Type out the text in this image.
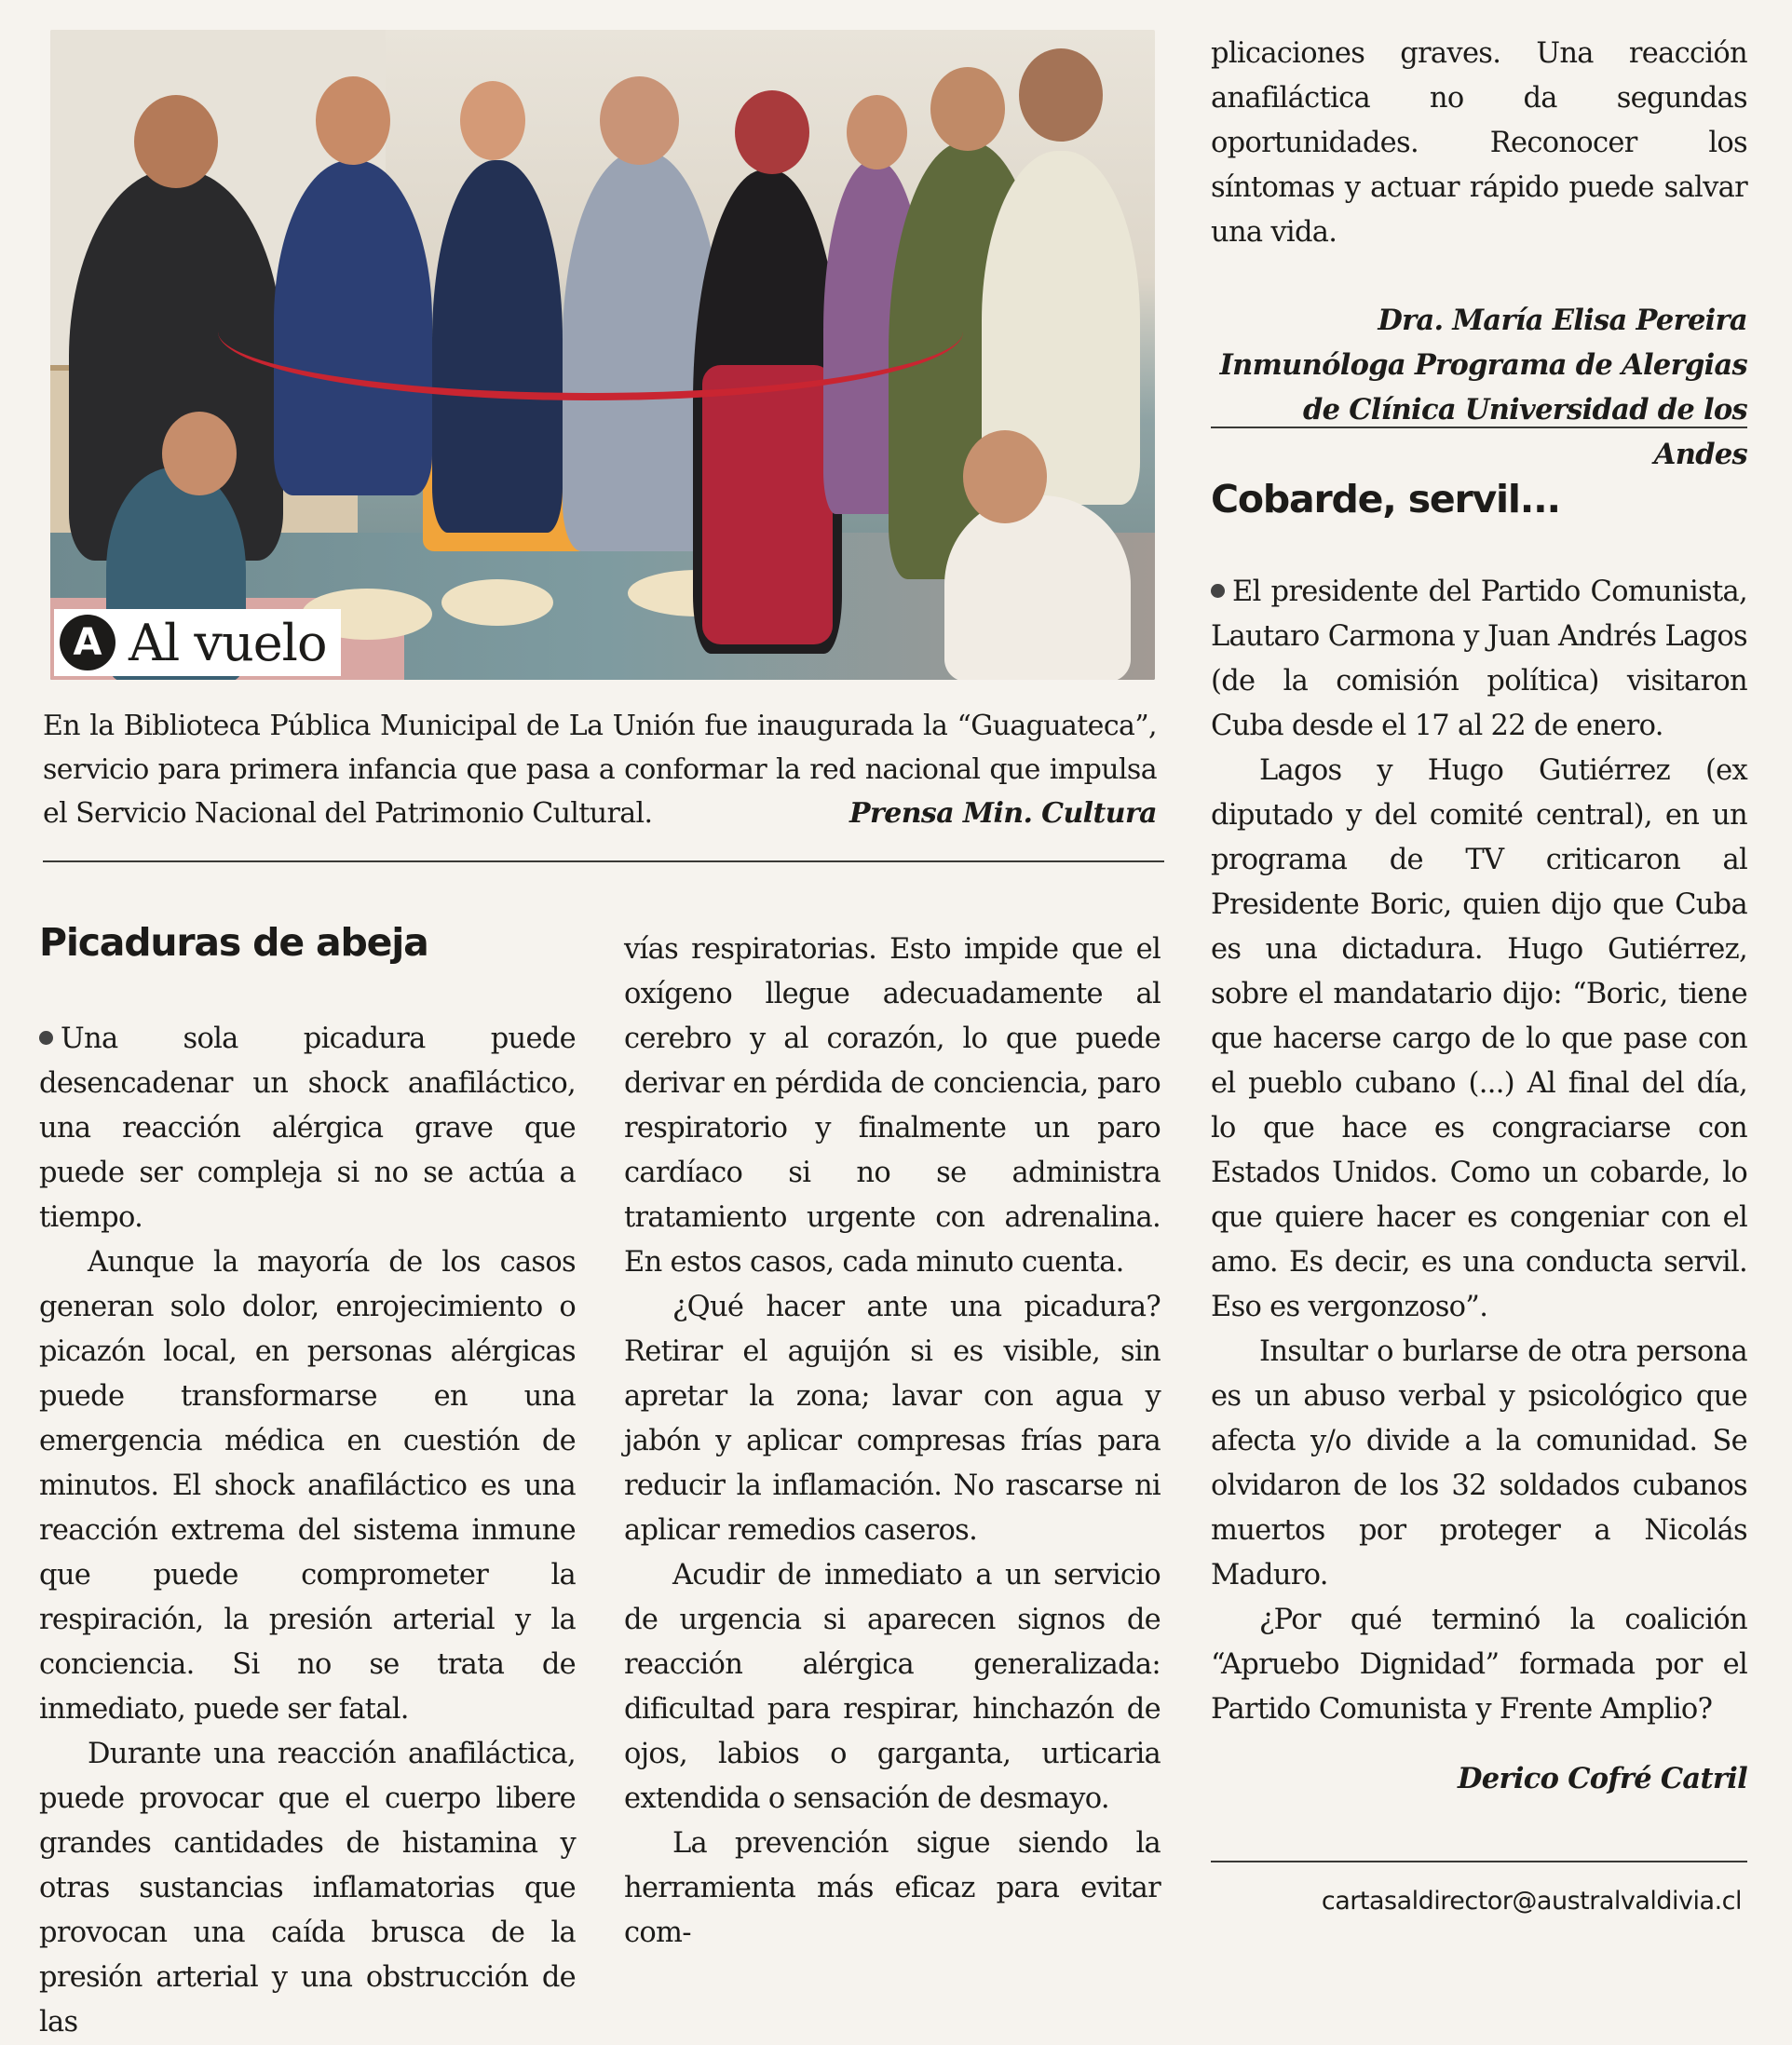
A Al vuelo
En la Biblioteca Pública Municipal de La Unión fue inaugurada la “Guaguateca”, servicio para primera infancia que pasa a conformar la red nacional que impulsa el Servicio Nacional del Patrimonio Cultural.	Prensa Min. Cultura
Picaduras de abeja

Una sola picadura puede desencadenar un shock anafiláctico, una reacción alérgica grave que puede ser compleja si no se actúa a tiempo.

Aunque la mayoría de los casos generan solo dolor, enrojecimiento o picazón local, en personas alérgicas puede transformarse en una emergencia médica en cuestión de minutos. El shock anafiláctico es una reacción extrema del sistema inmune que puede comprometer la respiración, la presión arterial y la conciencia. Si no se trata de inmediato, puede ser fatal.

Durante una reacción anafiláctica, puede provocar que el cuerpo libere grandes cantidades de histamina y otras sustancias inflamatorias que provocan una caída brusca de la presión arterial y una obstrucción de las

vías respiratorias. Esto impide que el oxígeno llegue adecuadamente al cerebro y al corazón, lo que puede derivar en pérdida de conciencia, paro respiratorio y finalmente un paro cardíaco si no se administra tratamiento urgente con adrenalina. En estos casos, cada minuto cuenta.

¿Qué hacer ante una picadura? Retirar el aguijón si es visible, sin apretar la zona; lavar con agua y jabón y aplicar compresas frías para reducir la inflamación. No rascarse ni aplicar remedios caseros.

Acudir de inmediato a un servicio de urgencia si aparecen signos de reacción alérgica generalizada: dificultad para respirar, hinchazón de ojos, labios o garganta, urticaria extendida o sensación de desmayo.

La prevención sigue siendo la herramienta más eficaz para evitar com-

plicaciones graves. Una reacción anafiláctica no da segundas oportunidades. Reconocer los síntomas y actuar rápido puede salvar una vida.

Dra. María Elisa Pereira
Inmunóloga Programa de Alergias
de Clínica Universidad de los Andes
Cobarde, servil...

El presidente del Partido Comunista, Lautaro Carmona y Juan Andrés Lagos (de la comisión política) visitaron Cuba desde el 17 al 22 de enero.

Lagos y Hugo Gutiérrez (ex diputado y del comité central), en un programa de TV criticaron al Presidente Boric, quien dijo que Cuba es una dictadura. Hugo Gutiérrez, sobre el mandatario dijo: “Boric, tiene que hacerse cargo de lo que pase con el pueblo cubano (...) Al final del día, lo que hace es congraciarse con Estados Unidos. Como un cobarde, lo que quiere hacer es congeniar con el amo. Es decir, es una conducta servil. Eso es vergonzoso”.

Insultar o burlarse de otra persona es un abuso verbal y psicológico que afecta y/o divide a la comunidad. Se olvidaron de los 32 soldados cubanos muertos por proteger a Nicolás Maduro.

¿Por qué terminó la coalición “Apruebo Dignidad” formada por el Partido Comunista y Frente Amplio?

Derico Cofré Catril
cartasaldirector@australvaldivia.cl
